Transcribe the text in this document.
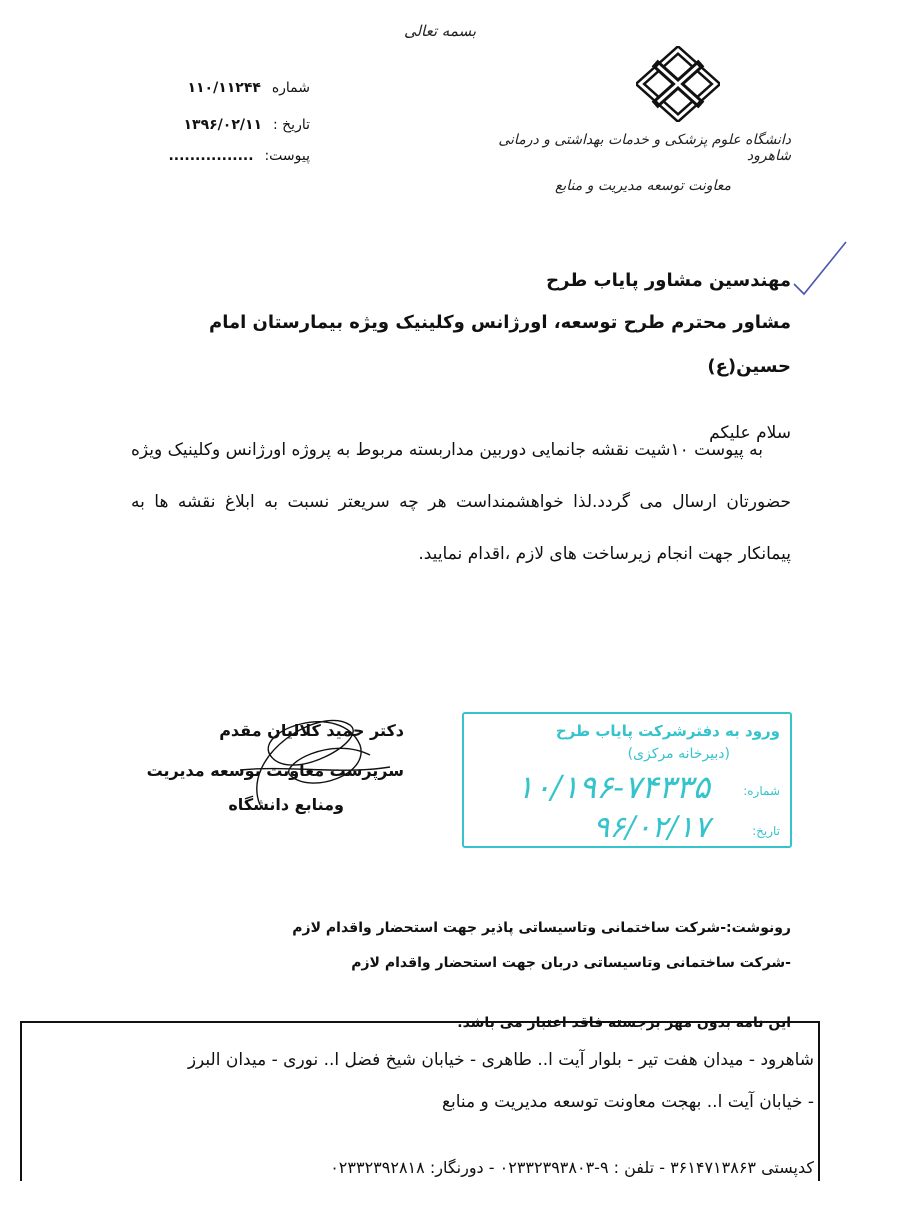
بسمه تعالی
دانشگاه علوم پزشکی و خدمات بهداشتی و درمانی شاهرود
معاونت توسعه مدیریت و منابع
شماره ۱۱۰/۱۱۲۴۴
تاریخ : ۱۳۹۶/۰۲/۱۱
پیوست: ................
مهندسین مشاور پایاب طرح
مشاور محترم طرح توسعه، اورژانس وکلینیک ویژه بیمارستان امام
حسین(ع)
سلام علیکم
به پیوست ۱۰شیت نقشه جانمایی دوربین مداربسته مربوط به پروژه اورژانس وکلینیک ویژه حضورتان ارسال می گردد.لذا خواهشمنداست هر چه سریعتر نسبت به ابلاغ نقشه ها به پیمانکار جهت انجام زیرساخت های لازم ،اقدام نمایید.
دکتر حمید کلالیان مقدم
سرپرست معاونت توسعه مدیریت
ومنابع دانشگاه
ورود به دفترشرکت پایاب طرح
(دبیرخانه مرکزی)
شماره:
۱۰/۱۹۶-۷۴۳۳۵
تاریخ:
۹۶/۰۲/۱۷
رونوشت:-شرکت ساختمانی وتاسیساتی پاذیر جهت استحضار واقدام لازم
-شرکت ساختمانی وتاسیساتی دربان جهت استحضار واقدام لازم
این نامه بدون مهر برجسته فاقد اعتبار می باشد.
شاهرود - میدان هفت تیر - بلوار آیت ا.. طاهری - خیابان شیخ فضل ا.. نوری - میدان البرز
- خیابان آیت ا.. بهجت معاونت توسعه مدیریت و منابع
کدپستی ۳۶۱۴۷۱۳۸۶۳ - تلفن : ۹-۰۲۳۳۲۳۹۳۸۰۳ - دورنگار: ۰۲۳۳۲۳۹۲۸۱۸
